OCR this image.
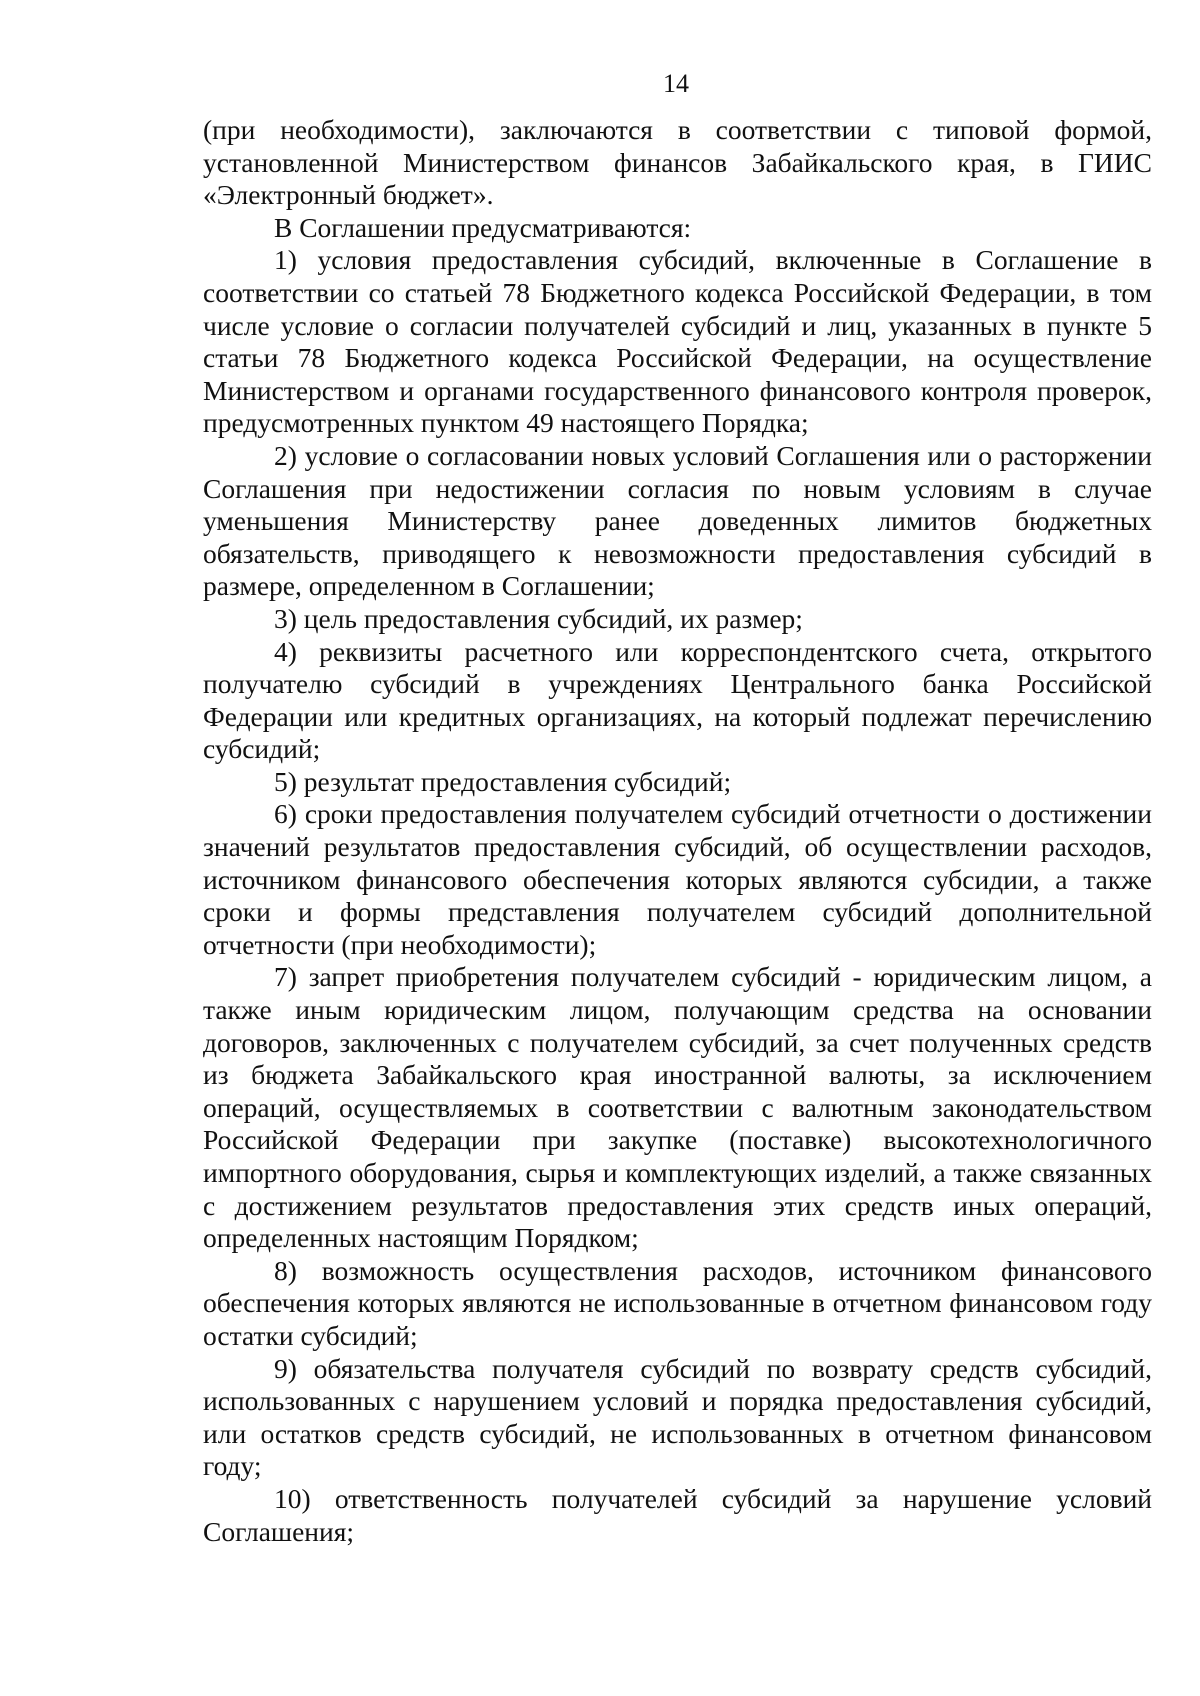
14

(при необходимости), заключаются в соответствии с типовой формой, установленной Министерством финансов Забайкальского края, в ГИИС «Электронный бюджет».

В Соглашении предусматриваются:

1) условия предоставления субсидий, включенные в Соглашение в соответствии со статьей 78 Бюджетного кодекса Российской Федерации, в том числе условие о согласии получателей субсидий и лиц, указанных в пункте 5 статьи 78 Бюджетного кодекса Российской Федерации, на осуществление Министерством и органами государственного финансового контроля проверок, предусмотренных пунктом 49 настоящего Порядка;

2) условие о согласовании новых условий Соглашения или о расторжении Соглашения при недостижении согласия по новым условиям в случае уменьшения Министерству ранее доведенных лимитов бюджетных обязательств, приводящего к невозможности предоставления субсидий в размере, определенном в Соглашении;

3) цель предоставления субсидий, их размер;

4) реквизиты расчетного или корреспондентского счета, открытого получателю субсидий в учреждениях Центрального банка Российской Федерации или кредитных организациях, на который подлежат перечислению субсидий;

5) результат предоставления субсидий;

6) сроки предоставления получателем субсидий отчетности о достижении значений результатов предоставления субсидий, об осуществлении расходов, источником финансового обеспечения которых являются субсидии, а также сроки и формы представления получателем субсидий дополнительной отчетности (при необходимости);

7) запрет приобретения получателем субсидий - юридическим лицом, а также иным юридическим лицом, получающим средства на основании договоров, заключенных с получателем субсидий, за счет полученных средств из бюджета Забайкальского края иностранной валюты, за исключением операций, осуществляемых в соответствии с валютным законодательством Российской Федерации при закупке (поставке) высокотехнологичного импортного оборудования, сырья и комплектующих изделий, а также связанных с достижением результатов предоставления этих средств иных операций, определенных настоящим Порядком;

8) возможность осуществления расходов, источником финансового обеспечения которых являются не использованные в отчетном финансовом году остатки субсидий;

9) обязательства получателя субсидий по возврату средств субсидий, использованных с нарушением условий и порядка предоставления субсидий, или остатков средств субсидий, не использованных в отчетном финансовом году;

10) ответственность получателей субсидий за нарушение условий Соглашения;
